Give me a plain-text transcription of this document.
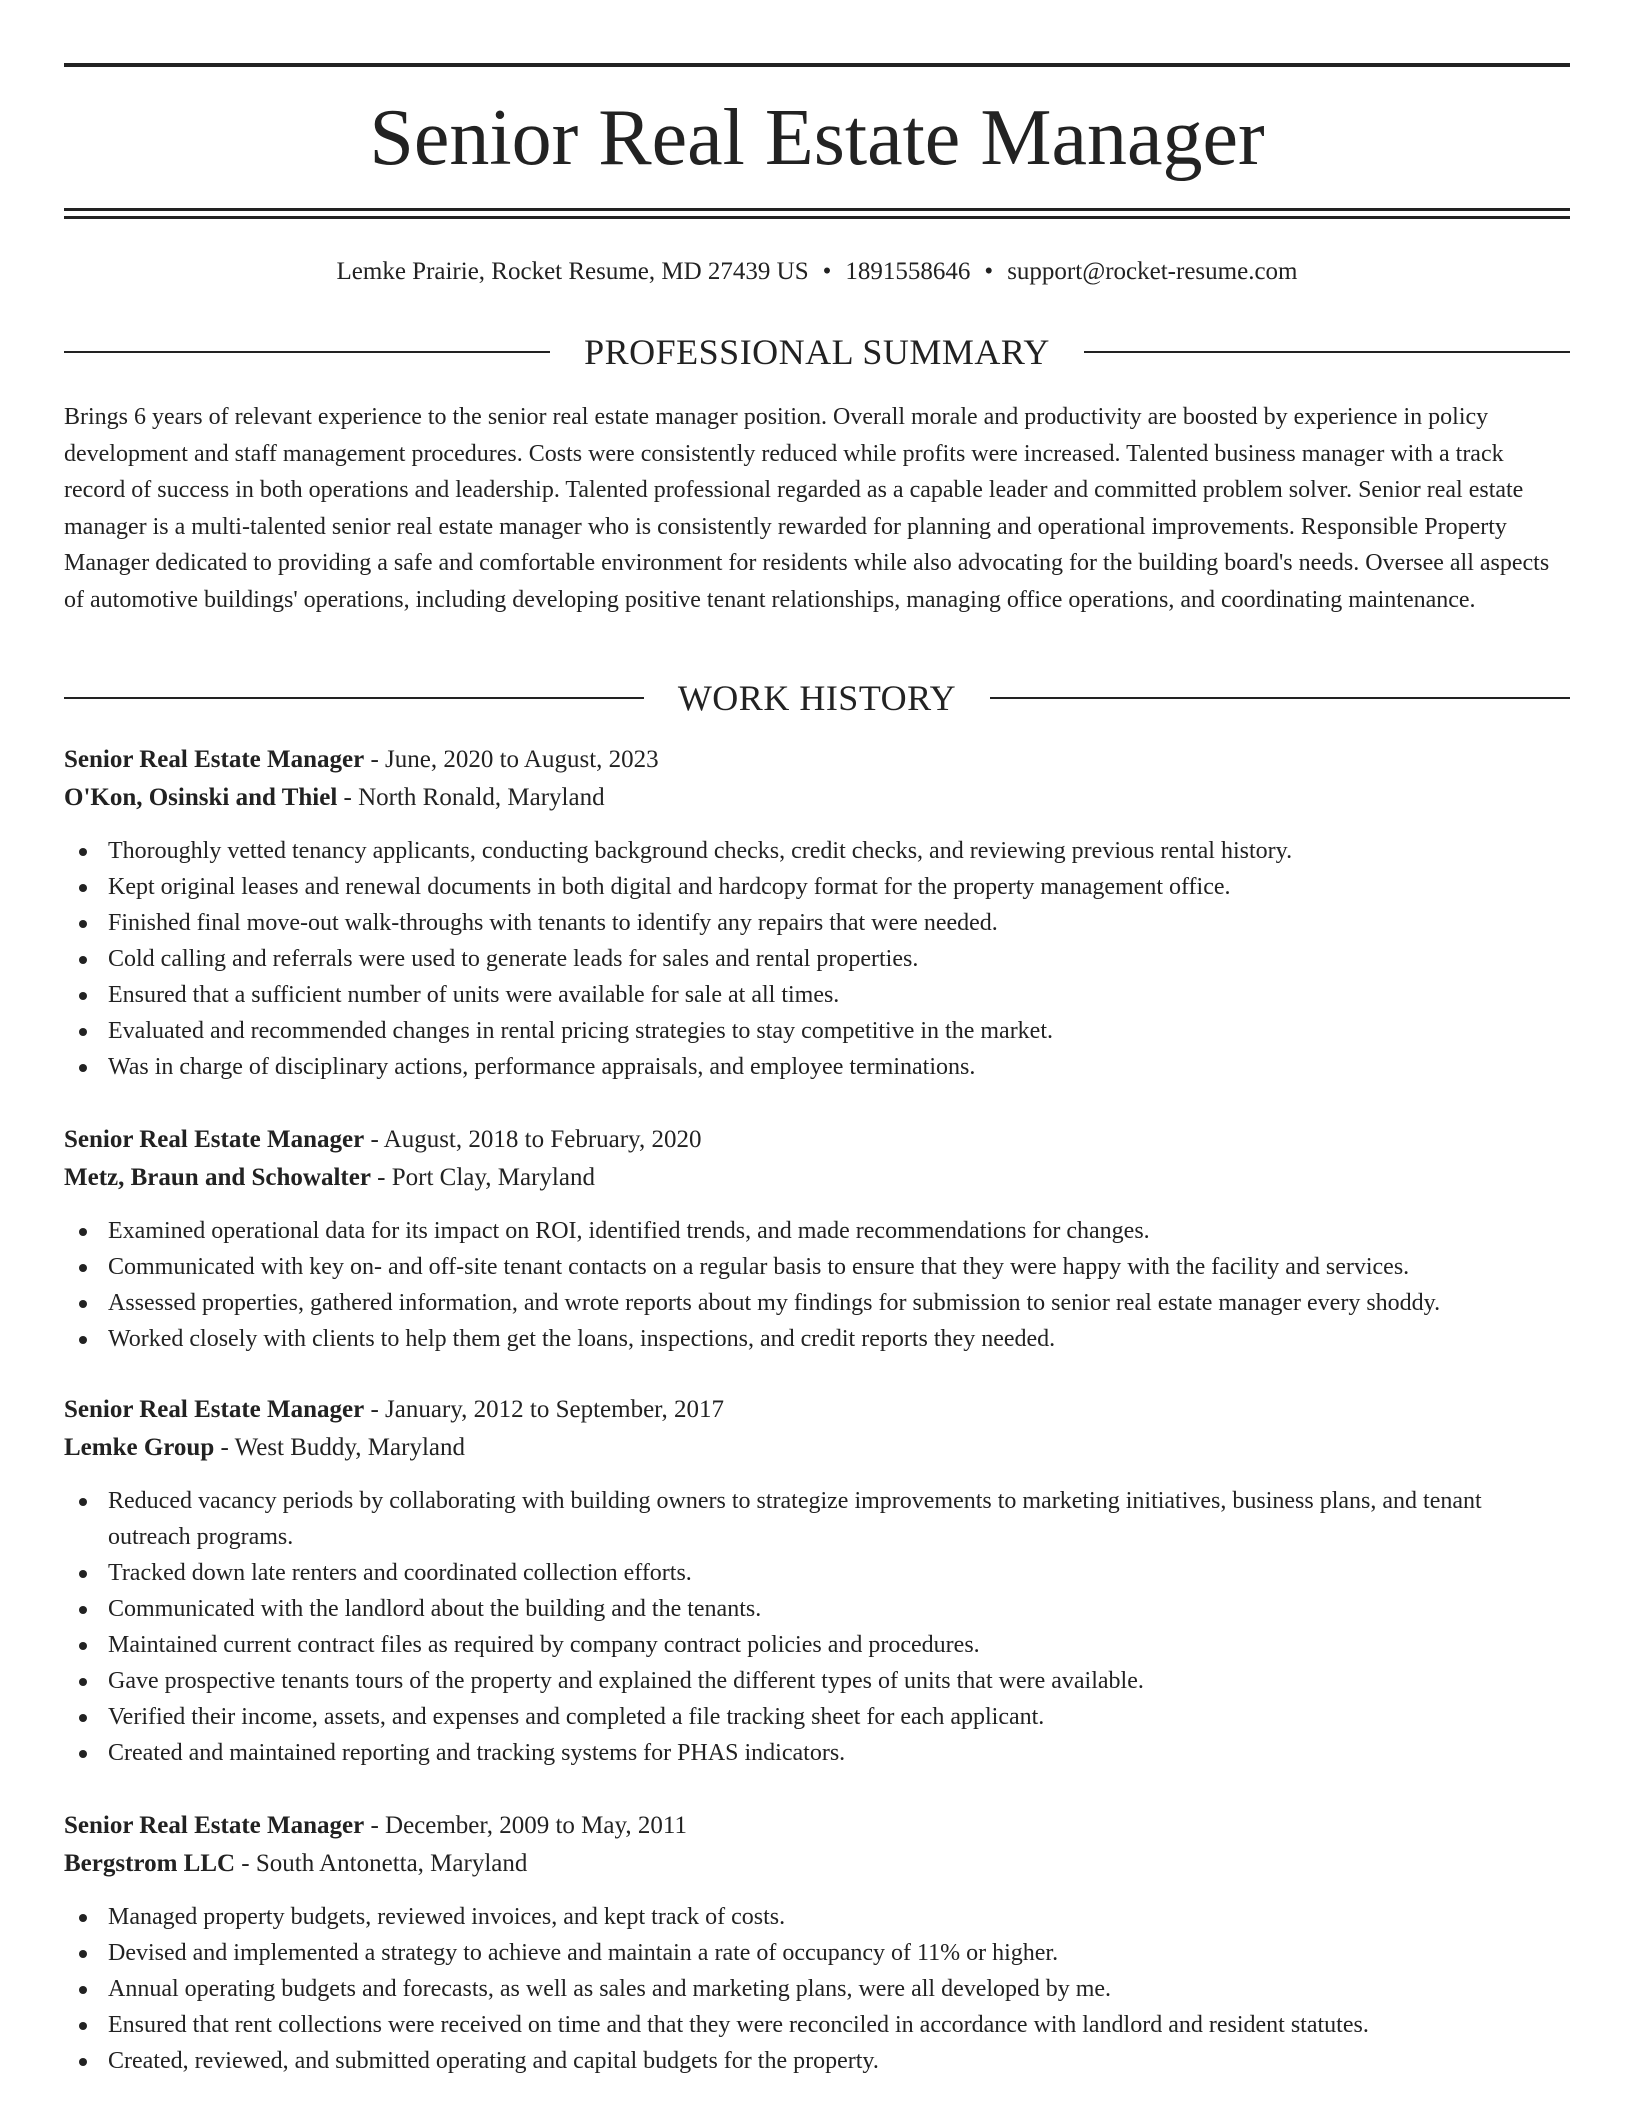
Senior Real Estate Manager
Lemke Prairie, Rocket Resume, MD 27439 US • 1891558646 • support@rocket-resume.com
PROFESSIONAL SUMMARY

Brings 6 years of relevant experience to the senior real estate manager position. Overall morale and productivity are boosted by experience in policy development and staff management procedures. Costs were consistently reduced while profits were increased. Talented business manager with a track record of success in both operations and leadership. Talented professional regarded as a capable leader and committed problem solver. Senior real estate manager is a multi-talented senior real estate manager who is consistently rewarded for planning and operational improvements. Responsible Property Manager dedicated to providing a safe and comfortable environment for residents while also advocating for the building board's needs. Oversee all aspects of automotive buildings' operations, including developing positive tenant relationships, managing office operations, and coordinating maintenance.

WORK HISTORY
Senior Real Estate Manager - June, 2020 to August, 2023
O'Kon, Osinski and Thiel - North Ronald, Maryland
Thoroughly vetted tenancy applicants, conducting background checks, credit checks, and reviewing previous rental history.
Kept original leases and renewal documents in both digital and hardcopy format for the property management office.
Finished final move-out walk-throughs with tenants to identify any repairs that were needed.
Cold calling and referrals were used to generate leads for sales and rental properties.
Ensured that a sufficient number of units were available for sale at all times.
Evaluated and recommended changes in rental pricing strategies to stay competitive in the market.
Was in charge of disciplinary actions, performance appraisals, and employee terminations.
Senior Real Estate Manager - August, 2018 to February, 2020
Metz, Braun and Schowalter - Port Clay, Maryland
Examined operational data for its impact on ROI, identified trends, and made recommendations for changes.
Communicated with key on- and off-site tenant contacts on a regular basis to ensure that they were happy with the facility and services.
Assessed properties, gathered information, and wrote reports about my findings for submission to senior real estate manager every shoddy.
Worked closely with clients to help them get the loans, inspections, and credit reports they needed.
Senior Real Estate Manager - January, 2012 to September, 2017
Lemke Group - West Buddy, Maryland
Reduced vacancy periods by collaborating with building owners to strategize improvements to marketing initiatives, business plans, and tenant outreach programs.
Tracked down late renters and coordinated collection efforts.
Communicated with the landlord about the building and the tenants.
Maintained current contract files as required by company contract policies and procedures.
Gave prospective tenants tours of the property and explained the different types of units that were available.
Verified their income, assets, and expenses and completed a file tracking sheet for each applicant.
Created and maintained reporting and tracking systems for PHAS indicators.
Senior Real Estate Manager - December, 2009 to May, 2011
Bergstrom LLC - South Antonetta, Maryland
Managed property budgets, reviewed invoices, and kept track of costs.
Devised and implemented a strategy to achieve and maintain a rate of occupancy of 11% or higher.
Annual operating budgets and forecasts, as well as sales and marketing plans, were all developed by me.
Ensured that rent collections were received on time and that they were reconciled in accordance with landlord and resident statutes.
Created, reviewed, and submitted operating and capital budgets for the property.
